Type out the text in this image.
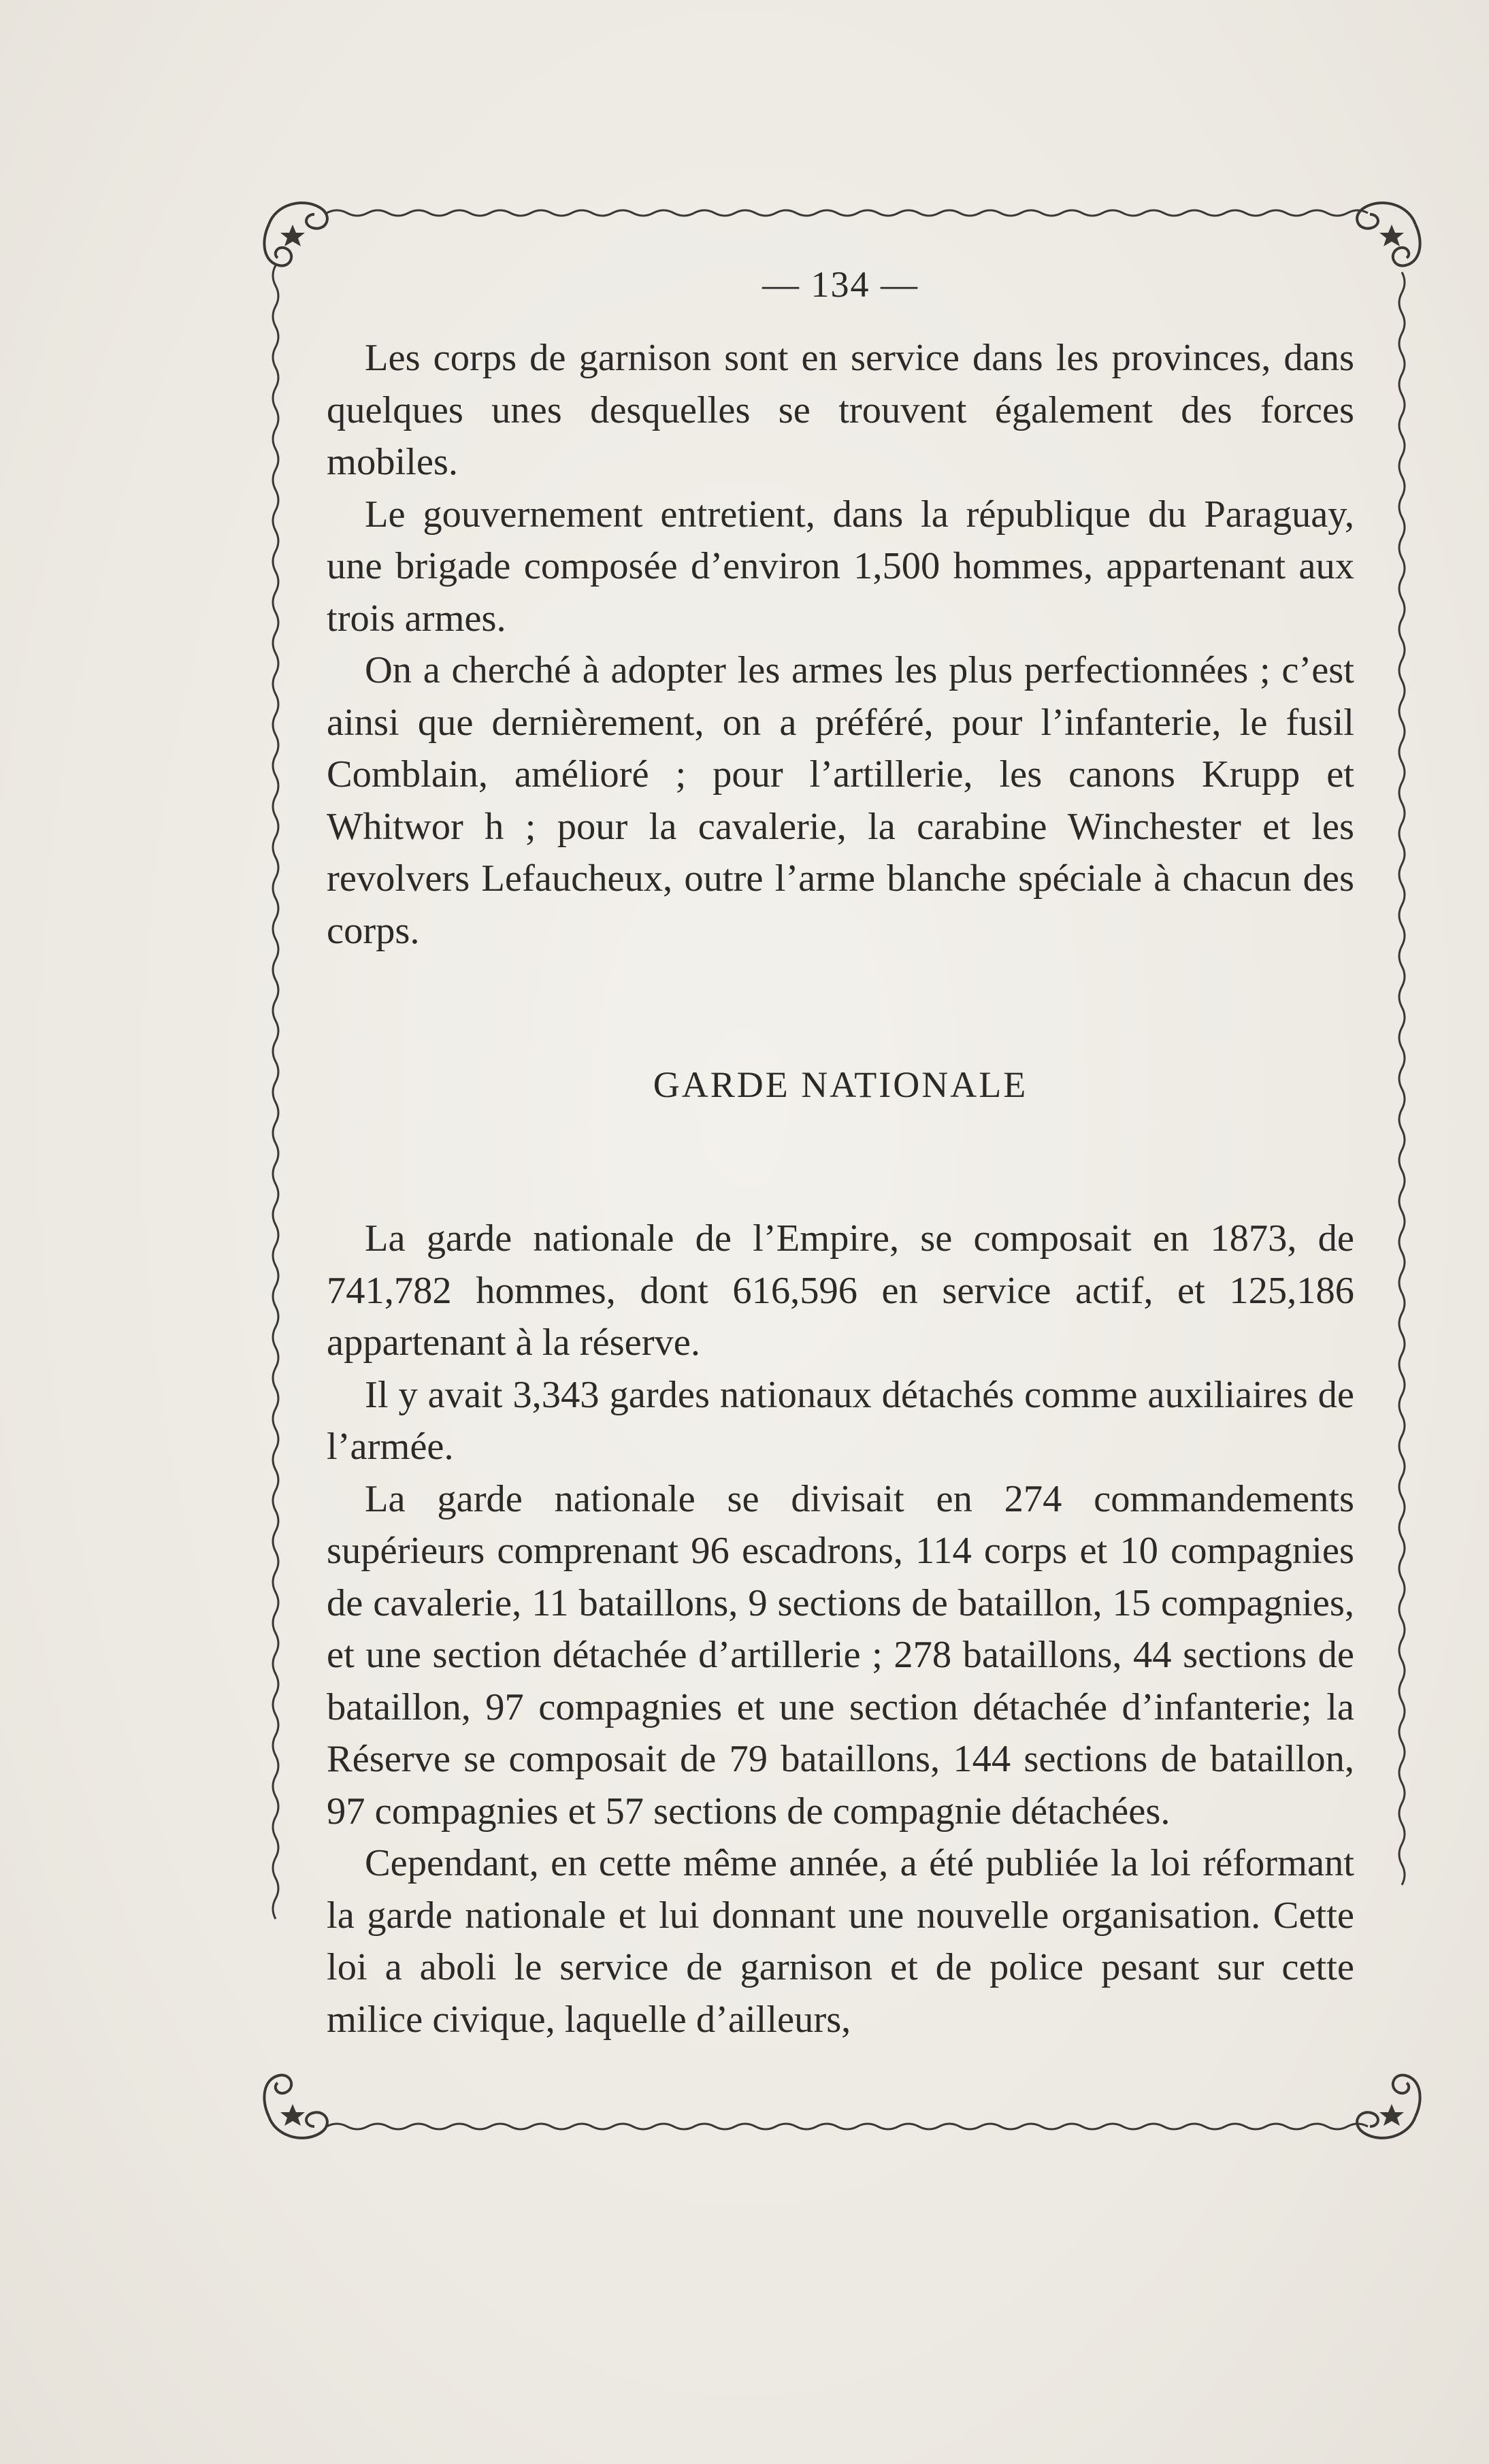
— 134 —

Les corps de garnison sont en service dans les provinces, dans quelques unes desquelles se trouvent également des forces mobiles.

Le gouvernement entretient, dans la république du Paraguay, une brigade composée d’environ 1,500 hommes, appartenant aux trois armes.

On a cherché à adopter les armes les plus perfectionnées ; c’est ainsi que dernièrement, on a préféré, pour l’infanterie, le fusil Comblain, amélioré ; pour l’artillerie, les canons Krupp et Whitwor h ; pour la cavalerie, la carabine Winchester et les revolvers Lefaucheux, outre l’arme blanche spéciale à chacun des corps.

GARDE NATIONALE

La garde nationale de l’Empire, se composait en 1873, de 741,782 hommes, dont 616,596 en service actif, et 125,186 appartenant à la réserve.

Il y avait 3,343 gardes nationaux détachés comme auxiliaires de l’armée.

La garde nationale se divisait en 274 commandements supérieurs comprenant 96 escadrons, 114 corps et 10 compagnies de cavalerie, 11 bataillons, 9 sections de bataillon, 15 compagnies, et une section détachée d’artillerie ; 278 bataillons, 44 sections de bataillon, 97 compagnies et une section détachée d’infanterie; la Réserve se composait de 79 bataillons, 144 sections de bataillon, 97 compagnies et 57 sections de compagnie détachées.

Cependant, en cette même année, a été publiée la loi réformant la garde nationale et lui donnant une nouvelle organisation. Cette loi a aboli le service de garnison et de police pesant sur cette milice civique, laquelle d’ailleurs,
